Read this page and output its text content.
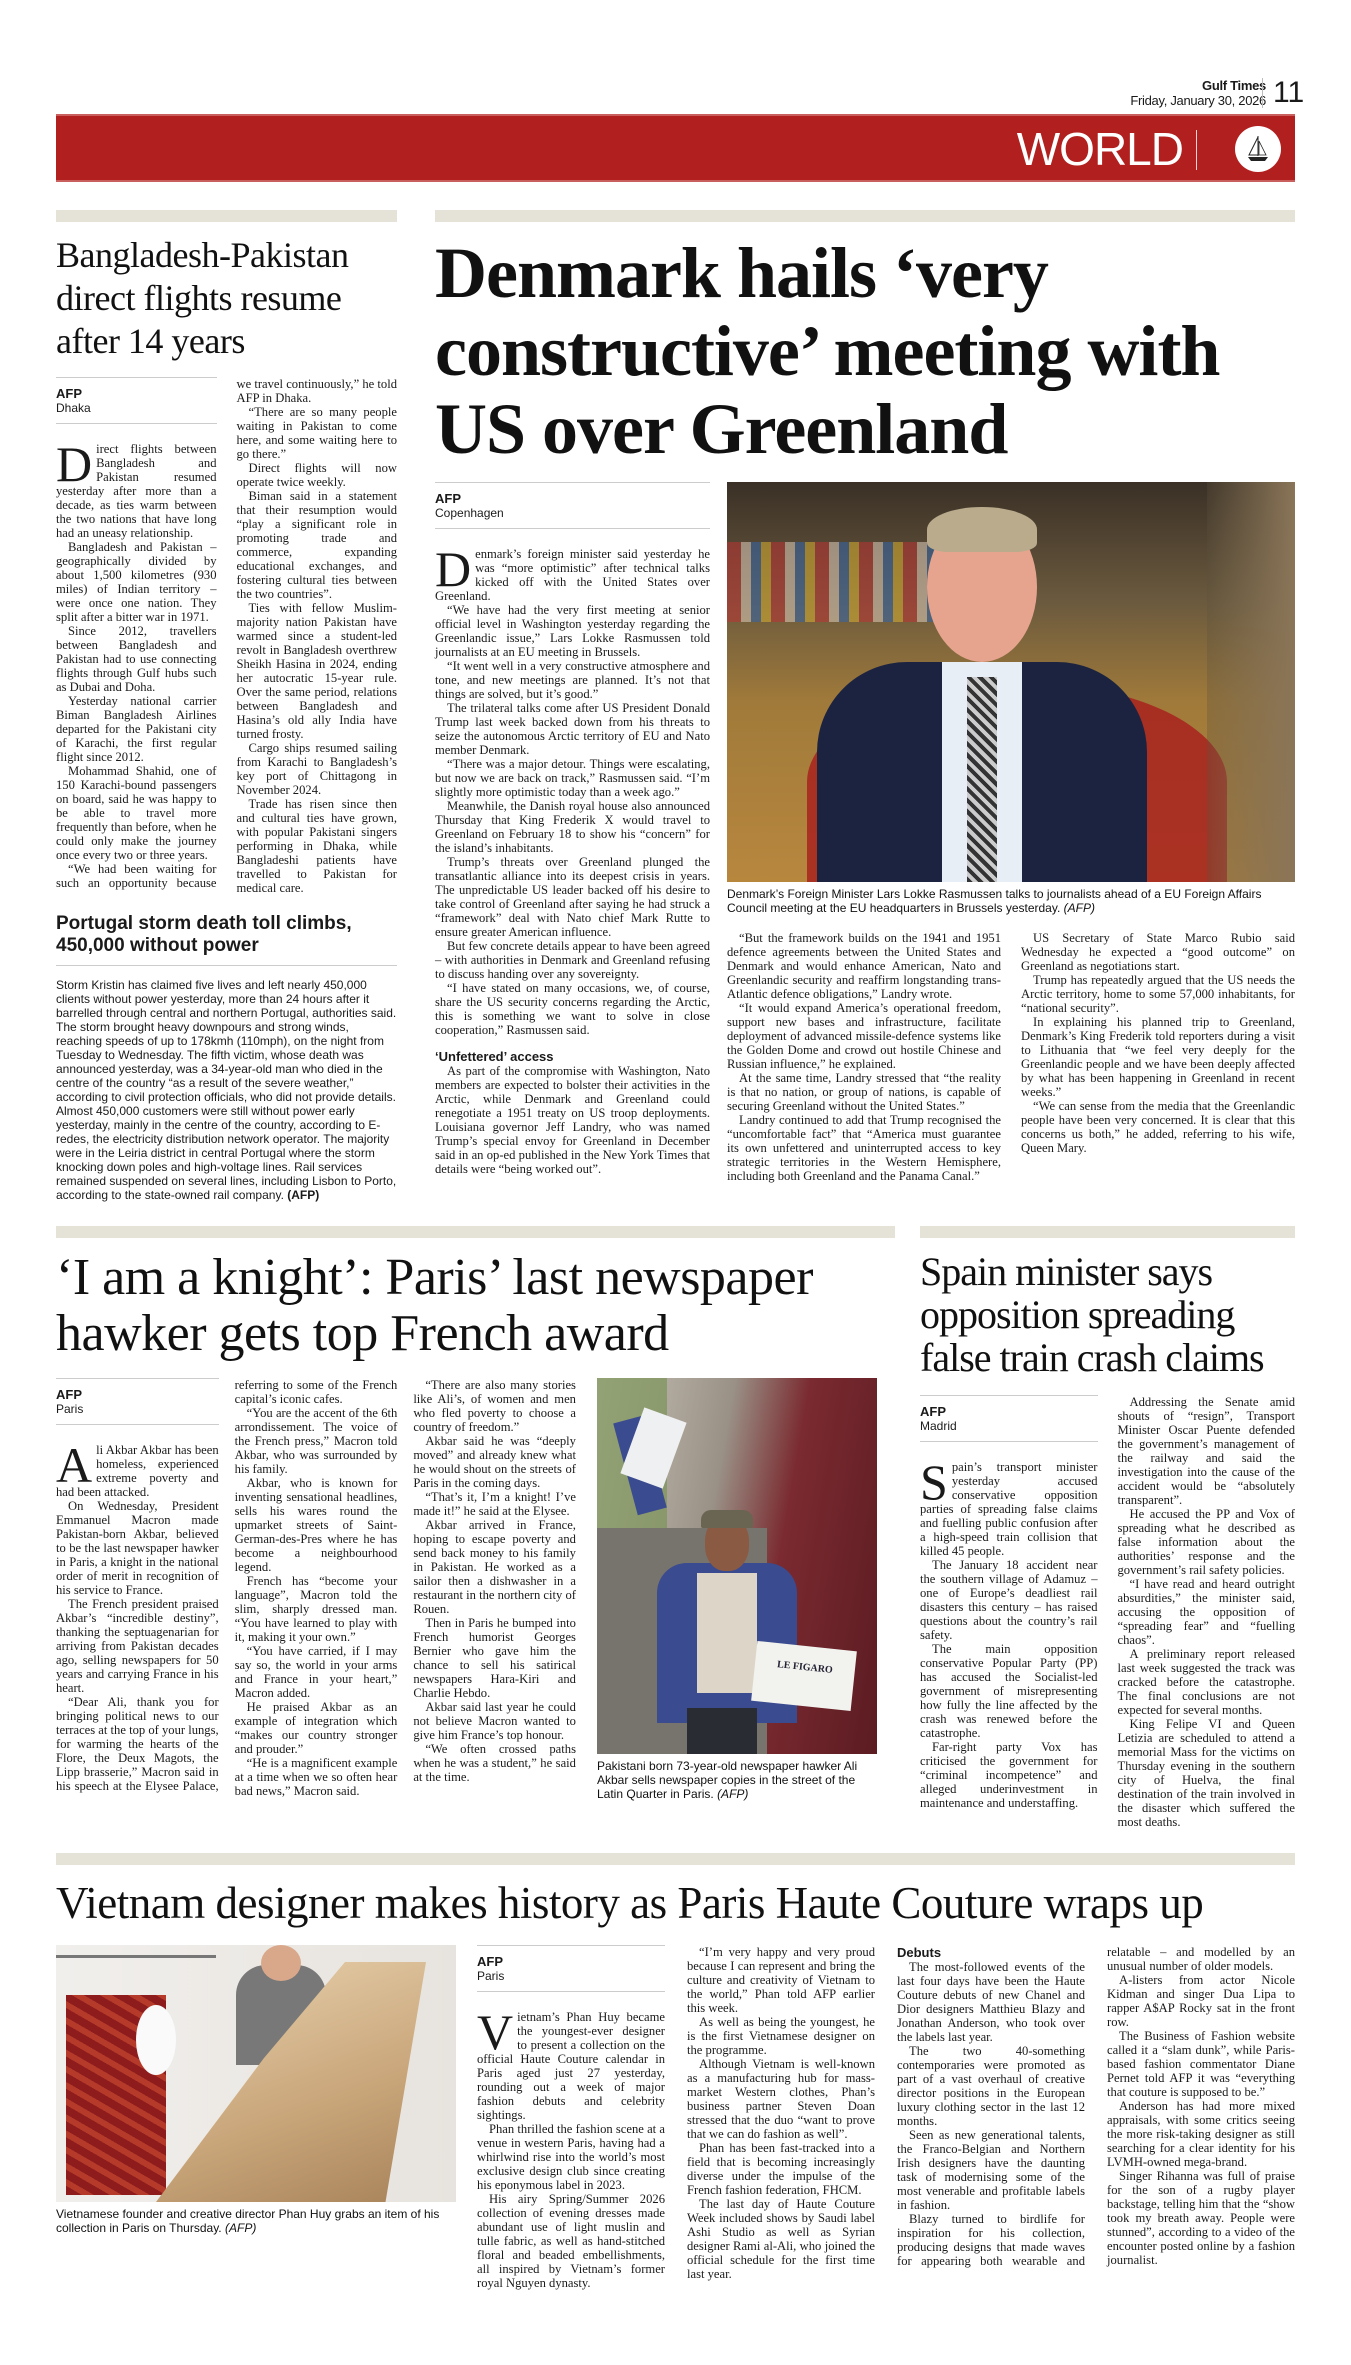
Gulf Times
Friday, January 30, 2026 11
WORLD
Bangladesh-Pakistan direct flights resume after 14 years
AFP
Dhaka

Direct flights between Bangladesh and Pakistan resumed yesterday after more than a decade, as ties warm between the two nations that have long had an uneasy relationship.

Bangladesh and Pakistan – geographically divided by about 1,500 kilometres (930 miles) of Indian territory – were once one nation. They split after a bitter war in 1971.

Since 2012, travellers between Bangladesh and Pakistan had to use connecting flights through Gulf hubs such as Dubai and Doha.

Yesterday national carrier Biman Bangladesh Airlines departed for the Pakistani city of Karachi, the first regular flight since 2012.

Mohammad Shahid, one of 150 Karachi-bound passengers on board, said he was happy to be able to travel more frequently than before, when he could only make the journey once every two or three years.

“We had been waiting for such an opportunity because we travel continuously,” he told AFP in Dhaka.

“There are so many people waiting in Pakistan to come here, and some waiting here to go there.”

Direct flights will now operate twice weekly.

Biman said in a statement that their resumption would “play a significant role in promoting trade and commerce, expanding educational exchanges, and fostering cultural ties between the two countries”.

Ties with fellow Muslim-majority nation Pakistan have warmed since a student-led revolt in Bangladesh overthrew Sheikh Hasina in 2024, ending her autocratic 15-year rule. Over the same period, relations between Bangladesh and Hasina’s old ally India have turned frosty.

Cargo ships resumed sailing from Karachi to Bangladesh’s key port of Chittagong in November 2024.

Trade has risen since then and cultural ties have grown, with popular Pakistani singers performing in Dhaka, while Bangladeshi patients have travelled to Pakistan for medical care.

Portugal storm death toll climbs, 450,000 without power

Storm Kristin has claimed five lives and left nearly 450,000 clients without power yesterday, more than 24 hours after it barrelled through central and northern Portugal, authorities said. The storm brought heavy downpours and strong winds, reaching speeds of up to 178kmh (110mph), on the night from Tuesday to Wednesday. The fifth victim, whose death was announced yesterday, was a 34-year-old man who died in the centre of the country “as a result of the severe weather,” according to civil protection officials, who did not provide details. Almost 450,000 customers were still without power early yesterday, mainly in the centre of the country, according to E-redes, the electricity distribution network operator. The majority were in the Leiria district in central Portugal where the storm knocking down poles and high-voltage lines. Rail services remained suspended on several lines, including Lisbon to Porto, according to the state-owned rail company. (AFP)

Denmark hails ‘very constructive’ meeting with US over Greenland
AFP
Copenhagen

Denmark’s foreign minister said yesterday he was “more optimistic” after technical talks kicked off with the United States over Greenland.

“We have had the very first meeting at senior official level in Washington yesterday regarding the Greenlandic issue,” Lars Lokke Rasmussen told journalists at an EU meeting in Brussels.

“It went well in a very constructive atmosphere and tone, and new meetings are planned. It’s not that things are solved, but it’s good.”

The trilateral talks come after US President Donald Trump last week backed down from his threats to seize the autonomous Arctic territory of EU and Nato member Denmark.

“There was a major detour. Things were escalating, but now we are back on track,” Rasmussen said. “I’m slightly more optimistic today than a week ago.”

Meanwhile, the Danish royal house also announced Thursday that King Frederik X would travel to Greenland on February 18 to show his “concern” for the island’s inhabitants.

Trump’s threats over Greenland plunged the transatlantic alliance into its deepest crisis in years. The unpredictable US leader backed off his desire to take control of Greenland after saying he had struck a “framework” deal with Nato chief Mark Rutte to ensure greater American influence.

But few concrete details appear to have been agreed – with authorities in Denmark and Greenland refusing to discuss handing over any sovereignty.

“I have stated on many occasions, we, of course, share the US security concerns regarding the Arctic, this is something we want to solve in close cooperation,” Rasmussen said.

‘Unfettered’ access

As part of the compromise with Washington, Nato members are expected to bolster their activities in the Arctic, while Denmark and Greenland could renegotiate a 1951 treaty on US troop deployments. Louisiana governor Jeff Landry, who was named Trump’s special envoy for Greenland in December said in an op-ed published in the New York Times that details were “being worked out”.

Denmark’s Foreign Minister Lars Lokke Rasmussen talks to journalists ahead of a EU Foreign Affairs Council meeting at the EU headquarters in Brussels yesterday. (AFP)

“But the framework builds on the 1941 and 1951 defence agreements between the United States and Denmark and would enhance American, Nato and Greenlandic security and reaffirm longstanding trans-Atlantic defence obligations,” Landry wrote.

“It would expand America’s operational freedom, support new bases and infrastructure, facilitate deployment of advanced missile-defence systems like the Golden Dome and crowd out hostile Chinese and Russian influence,” he explained.

At the same time, Landry stressed that “the reality is that no nation, or group of nations, is capable of securing Greenland without the United States.”

Landry continued to add that Trump recognised the “uncomfortable fact” that “America must guarantee its own unfettered and uninterrupted access to key strategic territories in the Western Hemisphere, including both Greenland and the Panama Canal.”

US Secretary of State Marco Rubio said Wednesday he expected a “good outcome” on Greenland as negotiations start.

Trump has repeatedly argued that the US needs the Arctic territory, home to some 57,000 inhabitants, for “national security”.

In explaining his planned trip to Greenland, Denmark’s King Frederik told reporters during a visit to Lithuania that “we feel very deeply for the Greenlandic people and we have been deeply affected by what has been happening in Greenland in recent weeks.”

“We can sense from the media that the Greenlandic people have been very concerned. It is clear that this concerns us both,” he added, referring to his wife, Queen Mary.

‘I am a knight’: Paris’ last newspaper hawker gets top French award
AFP
Paris

Ali Akbar Akbar has been homeless, experienced extreme poverty and had been attacked.

On Wednesday, President Emmanuel Macron made Pakistan-born Akbar, believed to be the last newspaper hawker in Paris, a knight in the national order of merit in recognition of his service to France.

The French president praised Akbar’s “incredible destiny”, thanking the septuagenarian for arriving from Pakistan decades ago, selling newspapers for 50 years and carrying France in his heart.

“Dear Ali, thank you for bringing political news to our terraces at the top of your lungs, for warming the hearts of the Flore, the Deux Magots, the Lipp brasserie,” Macron said in his speech at the Elysee Palace, referring to some of the French capital’s iconic cafes.

“You are the accent of the 6th arrondissement. The voice of the French press,” Macron told Akbar, who was surrounded by his family.

Akbar, who is known for inventing sensational headlines, sells his wares round the upmarket streets of Saint-German-des-Pres where he has become a neighbourhood legend.

French has “become your language”, Macron told the slim, sharply dressed man. “You have learned to play with it, making it your own.”

“You have carried, if I may say so, the world in your arms and France in your heart,” Macron added.

He praised Akbar as an example of integration which “makes our country stronger and prouder.”

“He is a magnificent example at a time when we so often hear bad news,” Macron said.

“There are also many stories like Ali’s, of women and men who fled poverty to choose a country of freedom.”

Akbar said he was “deeply moved” and already knew what he would shout on the streets of Paris in the coming days.

“That’s it, I’m a knight! I’ve made it!” he said at the Elysee.

Akbar arrived in France, hoping to escape poverty and send back money to his family in Pakistan. He worked as a sailor then a dishwasher in a restaurant in the northern city of Rouen.

Then in Paris he bumped into French humorist Georges Bernier who gave him the chance to sell his satirical newspapers Hara-Kiri and Charlie Hebdo.

Akbar said last year he could not believe Macron wanted to give him France’s top honour.

“We often crossed paths when he was a student,” he said at the time.

LE FIGARO

Pakistani born 73-year-old newspaper hawker Ali Akbar sells newspaper copies in the street of the Latin Quarter in Paris. (AFP)

Spain minister says opposition spreading false train crash claims
AFP
Madrid

Spain’s transport minister yesterday accused conservative opposition parties of spreading false claims and fuelling public confusion after a high-speed train collision that killed 45 people.

The January 18 accident near the southern village of Adamuz – one of Europe’s deadliest rail disasters this century – has raised questions about the country’s rail safety.

The main opposition conservative Popular Party (PP) has accused the Socialist-led government of misrepresenting how fully the line affected by the crash was renewed before the catastrophe.

Far-right party Vox has criticised the government for “criminal incompetence” and alleged underinvestment in maintenance and understaffing.

Addressing the Senate amid shouts of “resign”, Transport Minister Oscar Puente defended the government’s management of the railway and said the investigation into the cause of the accident would be “absolutely transparent”.

He accused the PP and Vox of spreading what he described as false information about the authorities’ response and the government’s rail safety policies.

“I have read and heard outright absurdities,” the minister said, accusing the opposition of “spreading fear” and “fuelling chaos”.

A preliminary report released last week suggested the track was cracked before the catastrophe. The final conclusions are not expected for several months.

King Felipe VI and Queen Letizia are scheduled to attend a memorial Mass for the victims on Thursday evening in the southern city of Huelva, the final destination of the train involved in the disaster which suffered the most deaths.

Vietnam designer makes history as Paris Haute Couture wraps up

Vietnamese founder and creative director Phan Huy grabs an item of his collection in Paris on Thursday. (AFP)

AFP
Paris

Vietnam’s Phan Huy became the youngest-ever designer to present a collection on the official Haute Couture calendar in Paris aged just 27 yesterday, rounding out a week of major fashion debuts and celebrity sightings.

Phan thrilled the fashion scene at a venue in western Paris, having had a whirlwind rise into the world’s most exclusive design club since creating his eponymous label in 2023.

His airy Spring/Summer 2026 collection of evening dresses made abundant use of light muslin and tulle fabric, as well as hand-stitched floral and beaded embellishments, all inspired by Vietnam’s former royal Nguyen dynasty.

“I’m very happy and very proud because I can represent and bring the culture and creativity of Vietnam to the world,” Phan told AFP earlier this week.

As well as being the youngest, he is the first Vietnamese designer on the programme.

Although Vietnam is well-known as a manufacturing hub for mass-market Western clothes, Phan’s business partner Steven Doan stressed that the duo “want to prove that we can do fashion as well”.

Phan has been fast-tracked into a field that is becoming increasingly diverse under the impulse of the French fashion federation, FHCM.

The last day of Haute Couture Week included shows by Saudi label Ashi Studio as well as Syrian designer Rami al-Ali, who joined the official schedule for the first time last year.

Debuts

The most-followed events of the last four days have been the Haute Couture debuts of new Chanel and Dior designers Matthieu Blazy and Jonathan Anderson, who took over the labels last year.

The two 40-something contemporaries were promoted as part of a vast overhaul of creative director positions in the European luxury clothing sector in the last 12 months.

Seen as new generational talents, the Franco-Belgian and Northern Irish designers have the daunting task of modernising some of the most venerable and profitable labels in fashion.

Blazy turned to birdlife for inspiration for his collection, producing designs that made waves for appearing both wearable and relatable – and modelled by an unusual number of older models.

A-listers from actor Nicole Kidman and singer Dua Lipa to rapper A$AP Rocky sat in the front row.

The Business of Fashion website called it a “slam dunk”, while Paris-based fashion commentator Diane Pernet told AFP it was “everything that couture is supposed to be.”

Anderson has had more mixed appraisals, with some critics seeing the more risk-taking designer as still searching for a clear identity for his LVMH-owned mega-brand.

Singer Rihanna was full of praise for the son of a rugby player backstage, telling him that the “show took my breath away. People were stunned”, according to a video of the encounter posted online by a fashion journalist.
